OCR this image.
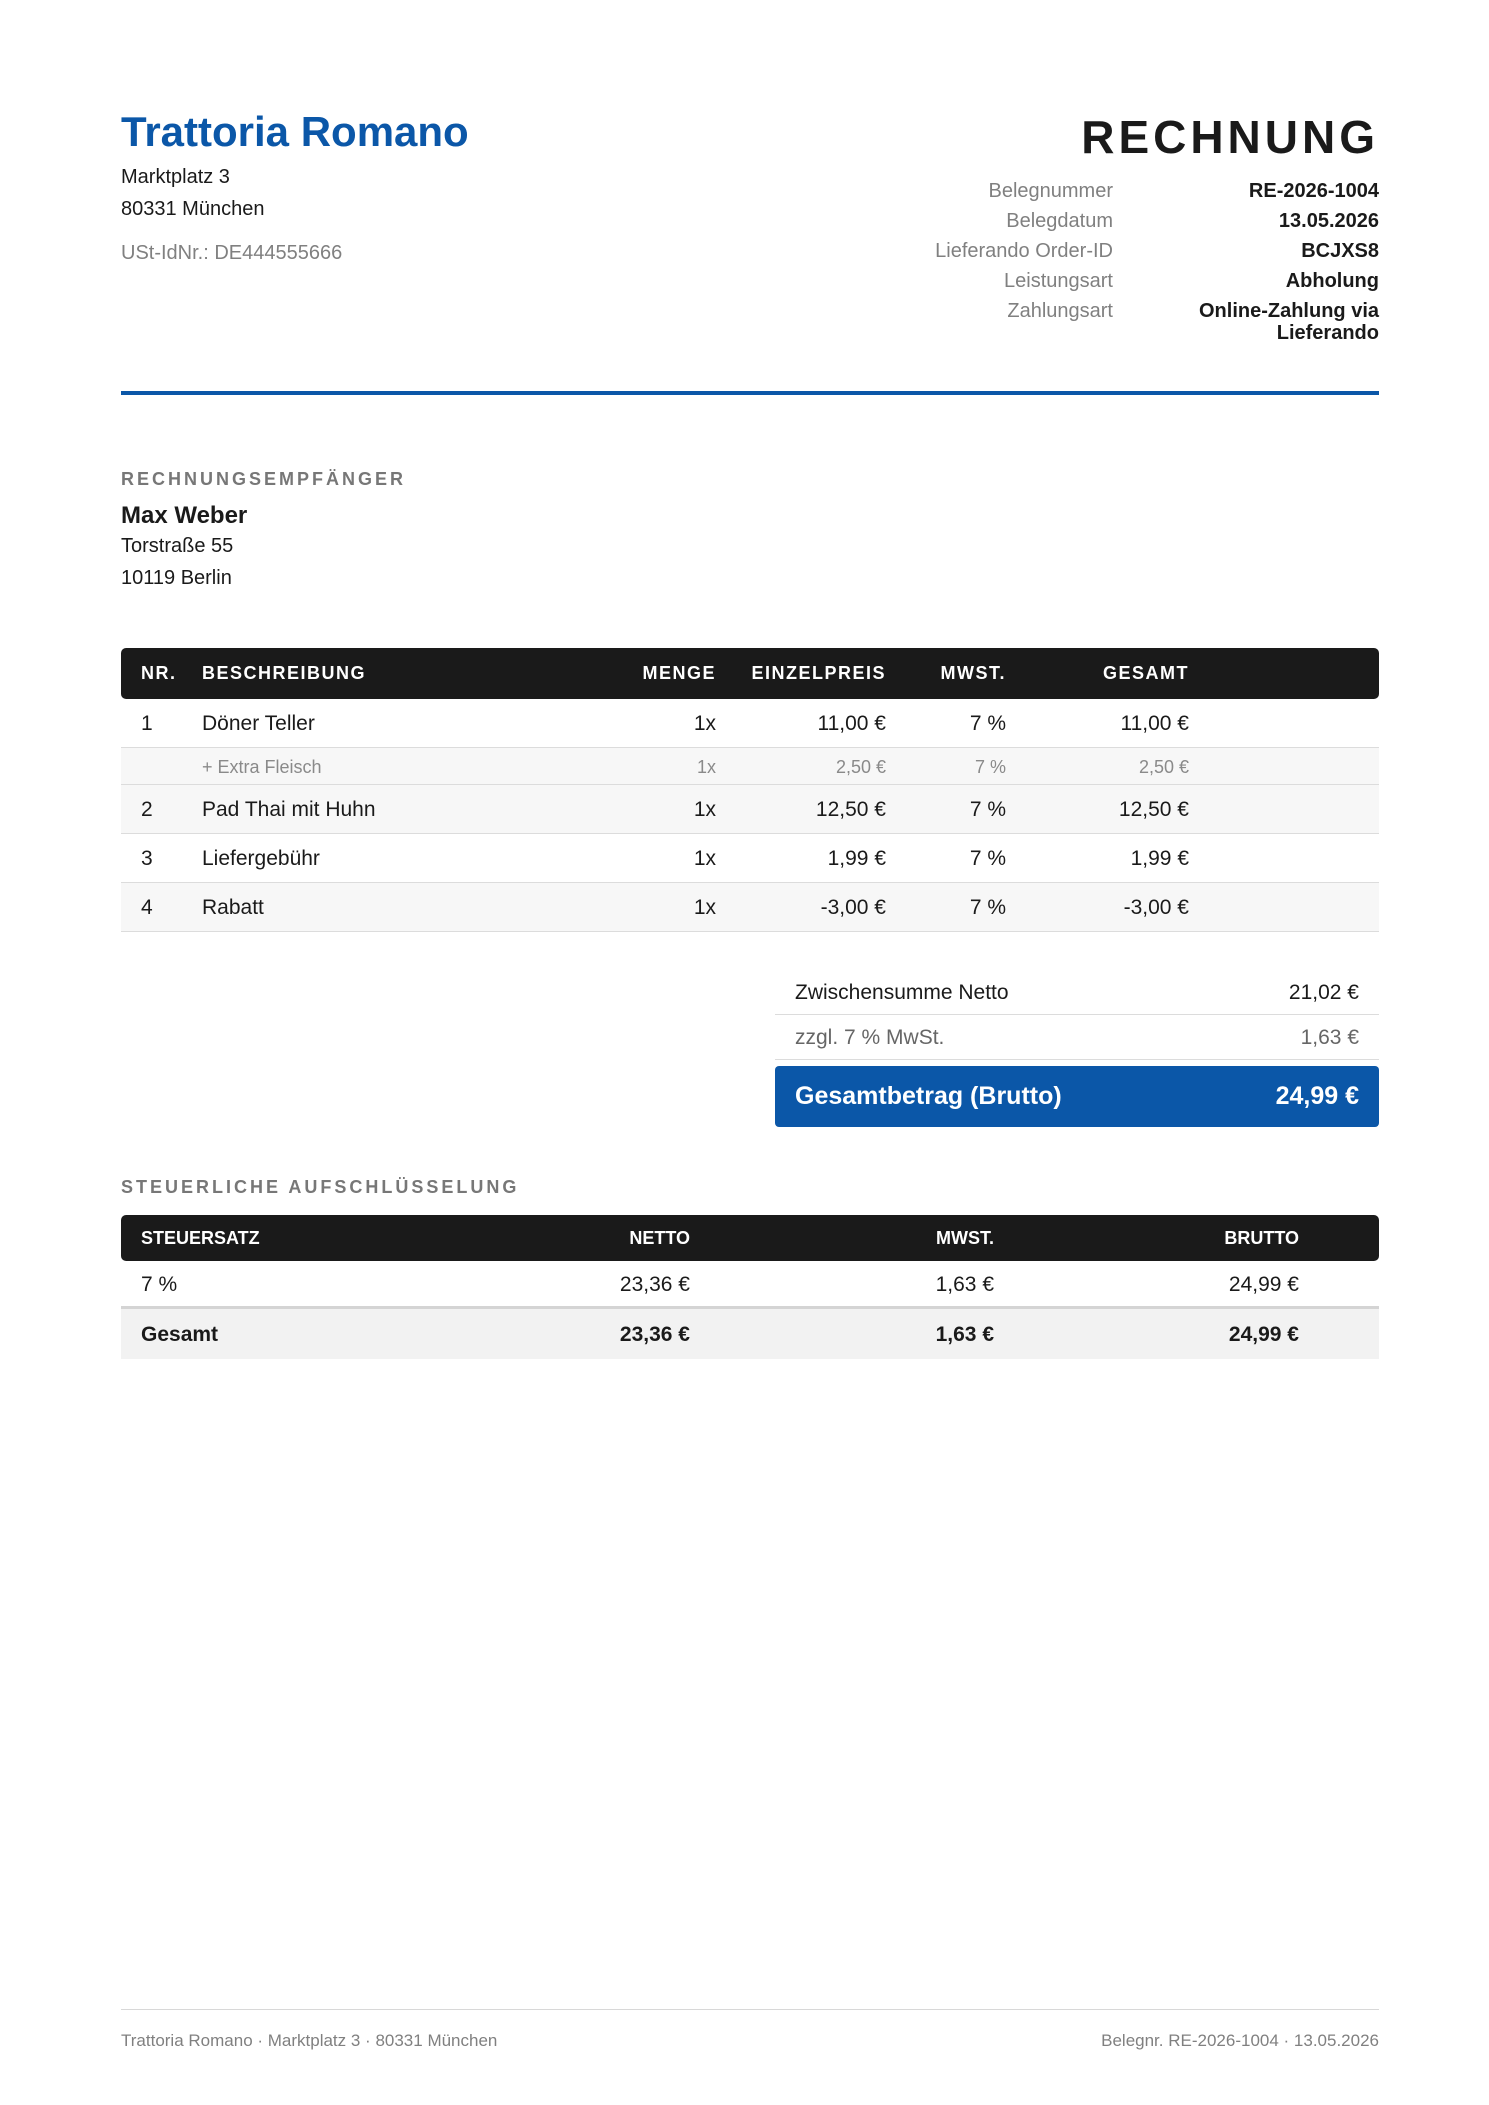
Trattoria Romano
Marktplatz 3
80331 München
USt-IdNr.: DE444555666
RECHNUNG
Belegnummer	RE-2026-1004
Belegdatum	13.05.2026
Lieferando Order-ID	BCJXS8
Leistungsart	Abholung
Zahlungsart	Online-Zahlung via Lieferando
RECHNUNGSEMPFÄNGER
Max Weber
Torstraße 55
10119 Berlin
NR. BESCHREIBUNG	MENGE EINZELPREIS	MWST.	GESAMT
1 Döner Teller	1x	11,00 €	7 %	11,00 €
+ Extra Fleisch	1x	2,50 €	7 %	2,50 €
2 Pad Thai mit Huhn	1x	12,50 €	7 %	12,50 €
3 Liefergebühr	1x	1,99 €	7 %	1,99 €
4 Rabatt	1x	-3,00 €	7 %	-3,00 €
Zwischensumme Netto	21,02 €
zzgl. 7 % MwSt.	1,63 €
Gesamtbetrag (Brutto)	24,99 €
STEUERLICHE AUFSCHLÜSSELUNG
STEUERSATZ	NETTO	MWST.	BRUTTO
7 %	23,36 €	1,63 €	24,99 €
Gesamt	23,36 €	1,63 €	24,99 €
Trattoria Romano · Marktplatz 3 · 80331 München	Belegnr. RE-2026-1004 · 13.05.2026
